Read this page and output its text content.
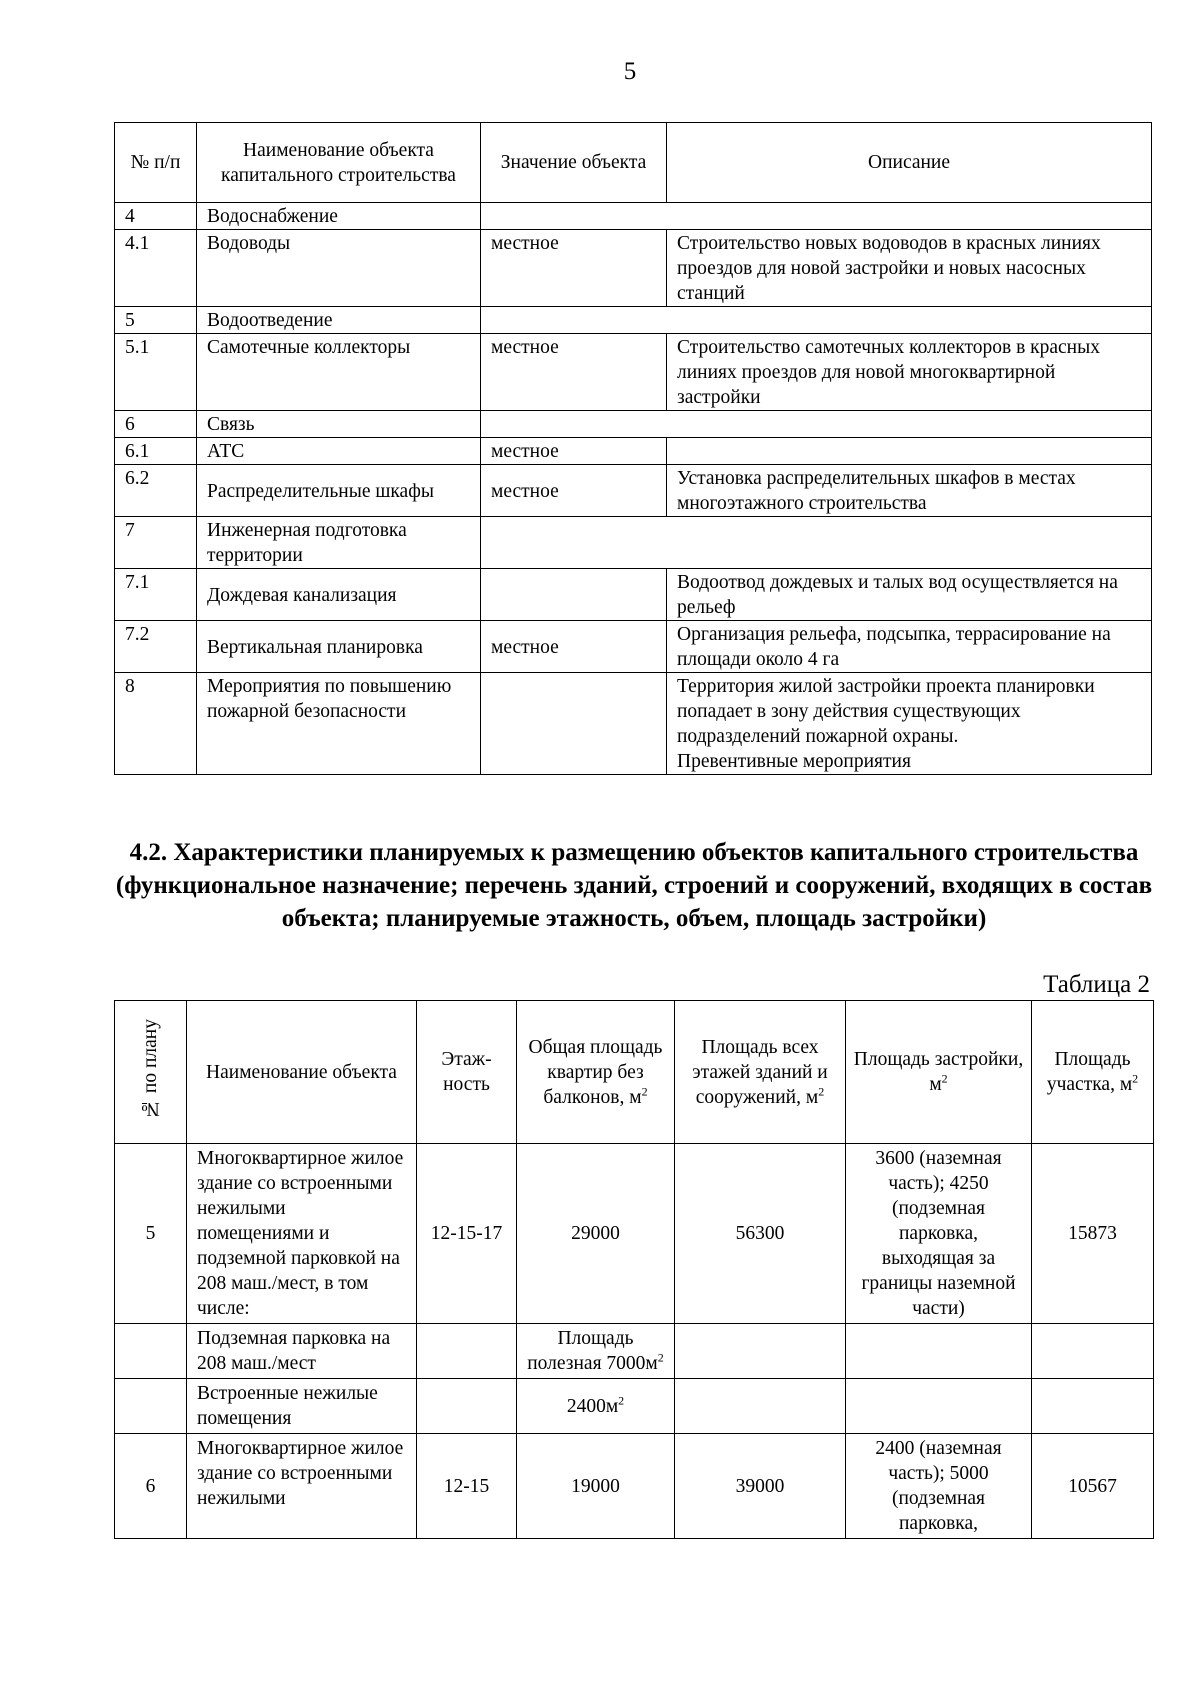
5
№ п/п	Наименование объекта капитального строительства	Значение объекта	Описание
4	Водоснабжение		
4.1	Водоводы	местное	Строительство новых водоводов в красных линиях проездов для новой застройки и новых насосных станций
5	Водоотведение		
5.1	Самотечные коллекторы	местное	Строительство самотечных коллекторов в красных линиях проездов для новой многоквартирной застройки
6	Связь		
6.1	АТС	местное	
6.2	Распределительные шкафы	местное	Установка распределительных шкафов в местах многоэтажного строительства
7	Инженерная подготовка территории		
7.1	Дождевая канализация		Водоотвод дождевых и талых вод осуществляется на рельеф
7.2	Вертикальная планировка	местное	Организация рельефа, подсыпка, террасирование на площади около 4 га
8	Мероприятия по повышению пожарной безопасности		Территория жилой застройки проекта планировки попадает в зону действия существующих подразделений пожарной охраны.
Превентивные мероприятия
4.2. Характеристики планируемых к размещению объектов капитального строительства (функциональное назначение; перечень зданий, строений и сооружений, входящих в состав объекта; планируемые этажность, объем, площадь застройки)
Таблица 2
№ по плану	Наименование объекта	Этаж-ность	Общая площадь квартир без балконов, $м^2$	Площадь всех этажей зданий и сооружений, $м^2$	Площадь застройки, $м^2$	Площадь участка, $м^2$
5	Многоквартирное жилое здание со встроенными нежилыми помещениями и подземной парковкой на 208 маш./мест, в том числе:	12-15-17	29000	56300	3600 (наземная часть); 4250 (подземная парковка, выходящая за границы наземной части)	15873
	Подземная парковка на 208 маш./мест		Площадь полезная $7000м^2$			
	Встроенные нежилые помещения		$2400м^2$			
6	Многоквартирное жилое здание со встроенными нежилыми	12-15	19000	39000	2400 (наземная часть); 5000 (подземная парковка,	10567
